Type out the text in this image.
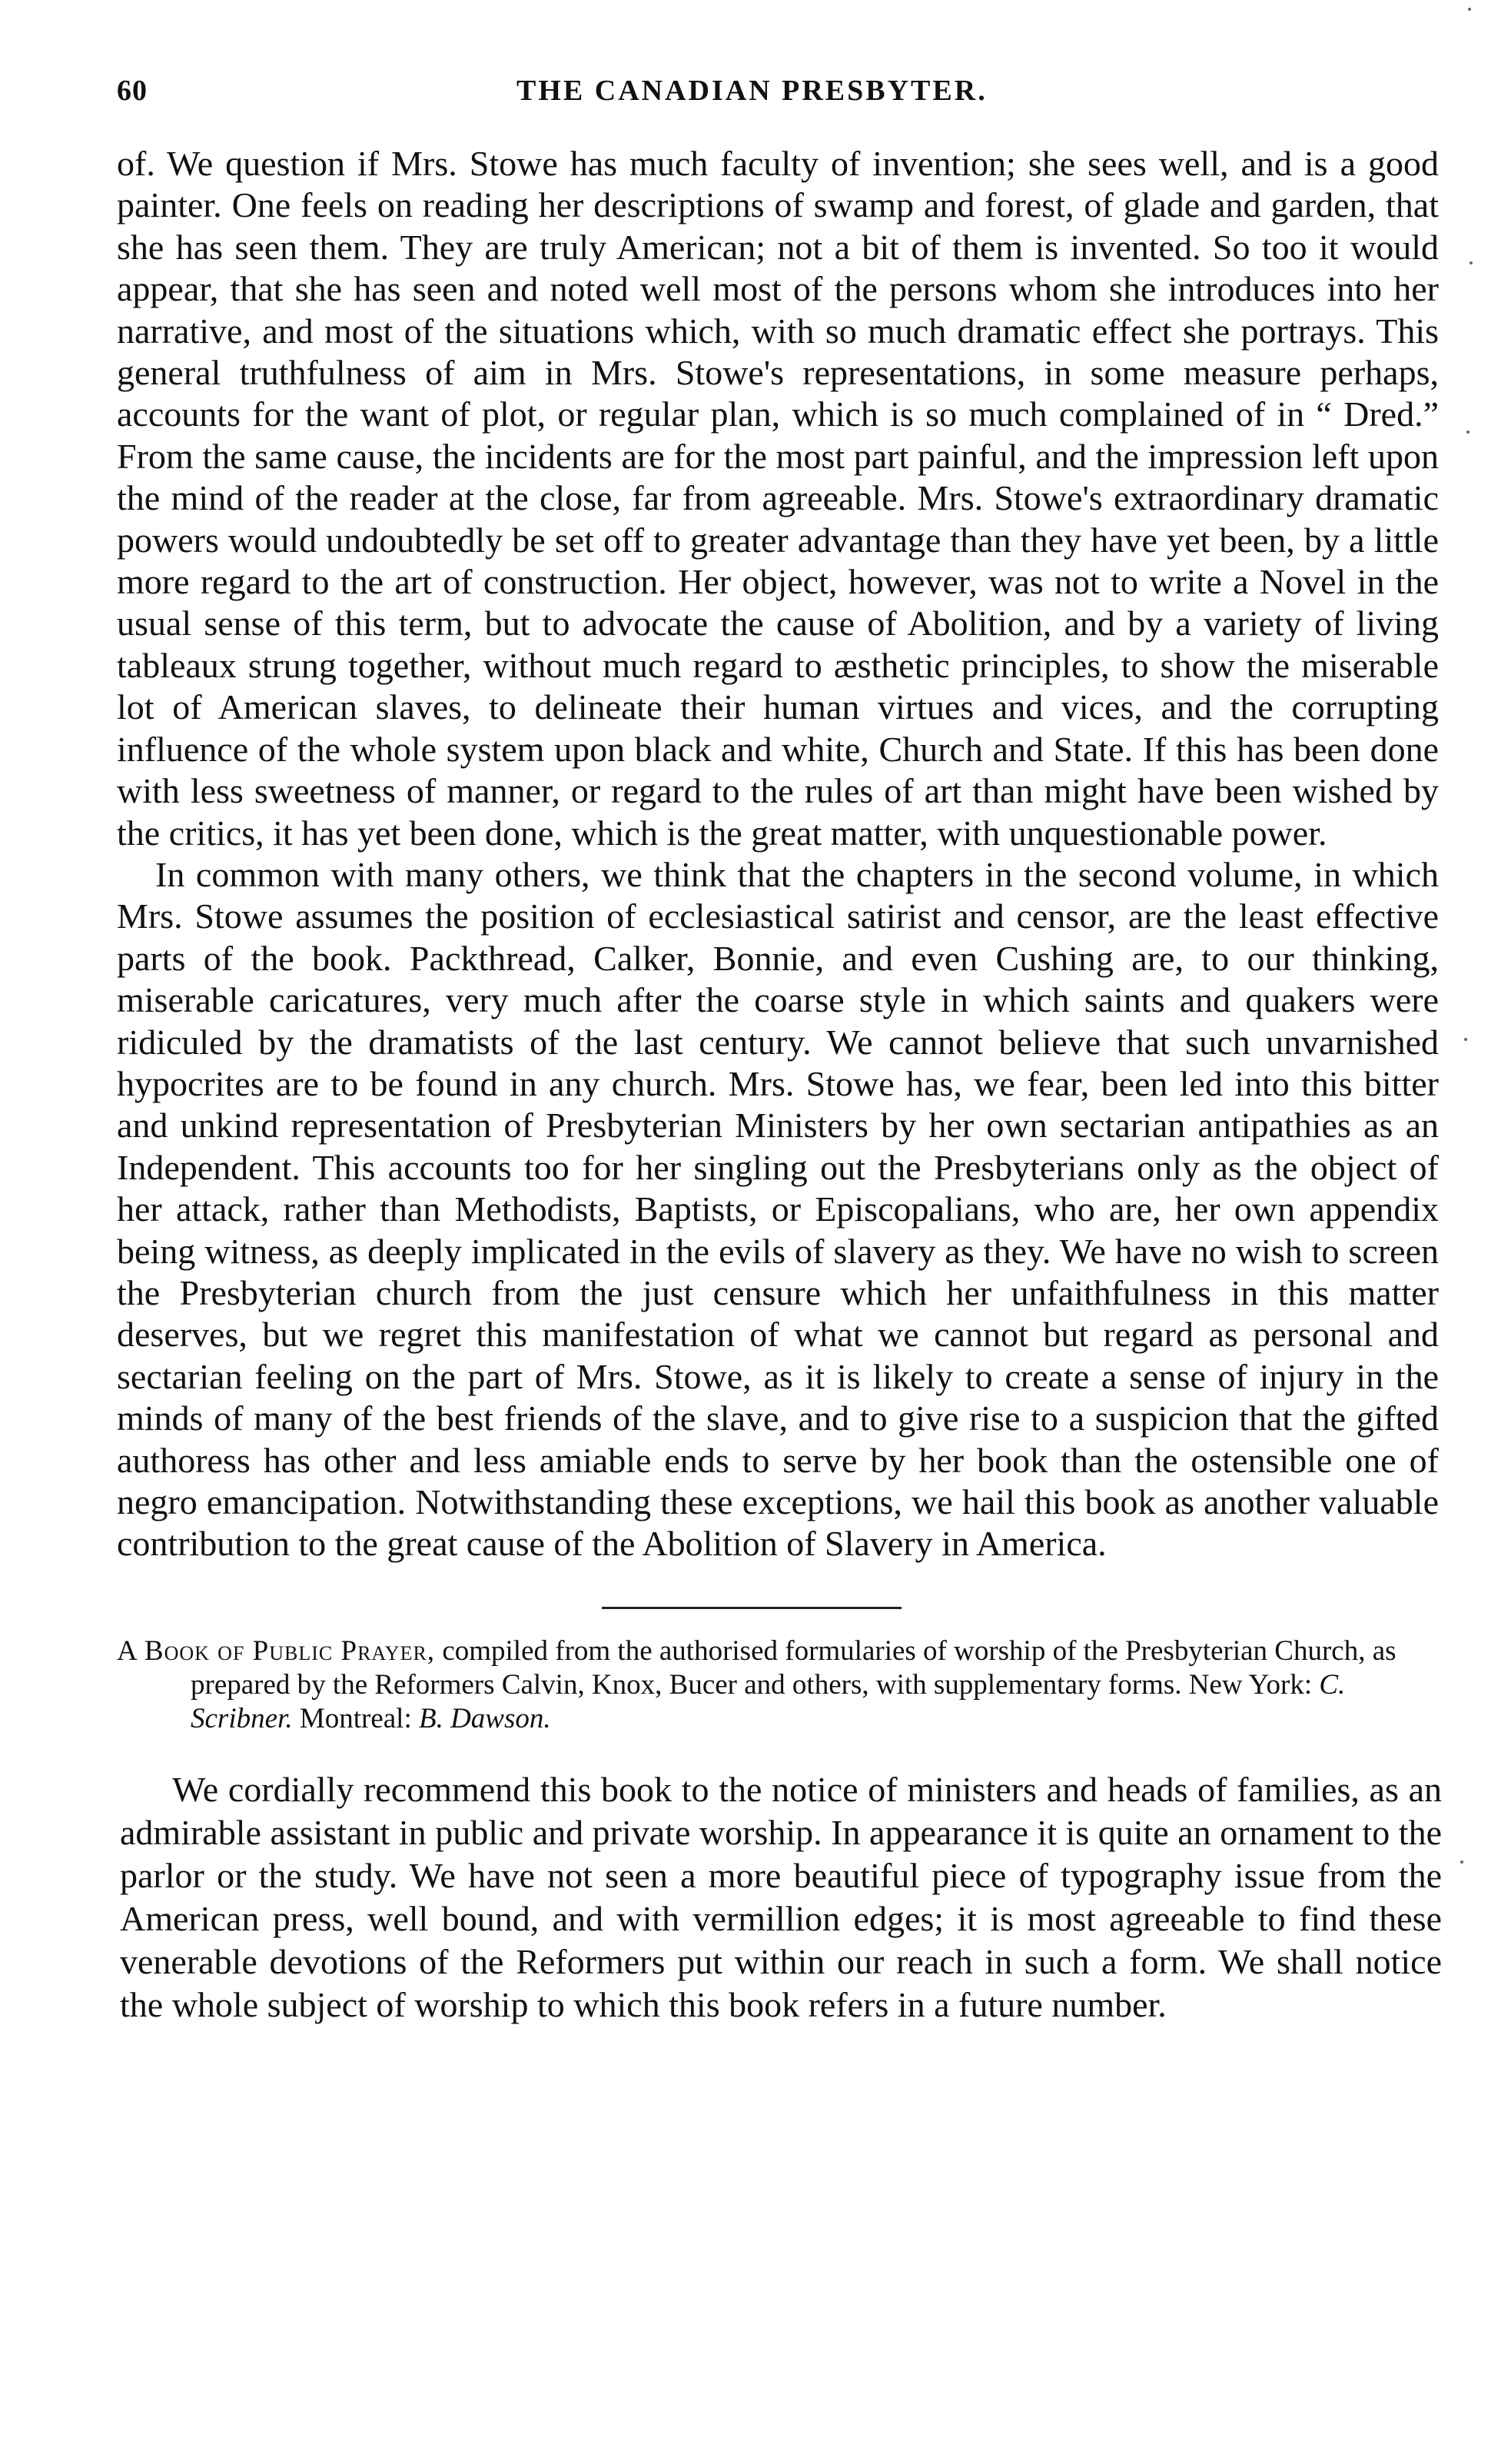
60	THE CANADIAN PRESBYTER.

of. We question if Mrs. Stowe has much faculty of invention; she sees well, and is a good painter. One feels on reading her descriptions of swamp and forest, of glade and garden, that she has seen them. They are truly American; not a bit of them is invented. So too it would appear, that she has seen and noted well most of the persons whom she introduces into her narrative, and most of the situations which, with so much dramatic effect she portrays. This general truthfulness of aim in Mrs. Stowe's representations, in some measure perhaps, accounts for the want of plot, or regular plan, which is so much complained of in “ Dred.” From the same cause, the incidents are for the most part painful, and the impression left upon the mind of the reader at the close, far from agreeable. Mrs. Stowe's extraordinary dramatic powers would undoubtedly be set off to greater advantage than they have yet been, by a little more regard to the art of construction. Her object, however, was not to write a Novel in the usual sense of this term, but to advocate the cause of Abolition, and by a variety of living tableaux strung together, without much regard to æsthetic principles, to show the miserable lot of American slaves, to delineate their human virtues and vices, and the corrupting influence of the whole system upon black and white, Church and State. If this has been done with less sweetness of manner, or regard to the rules of art than might have been wished by the critics, it has yet been done, which is the great matter, with unquestionable power.

In common with many others, we think that the chapters in the second volume, in which Mrs. Stowe assumes the position of ecclesiastical satirist and censor, are the least effective parts of the book. Packthread, Calker, Bonnie, and even Cushing are, to our thinking, miserable caricatures, very much after the coarse style in which saints and quakers were ridiculed by the dramatists of the last century. We cannot believe that such unvarnished hypocrites are to be found in any church. Mrs. Stowe has, we fear, been led into this bitter and unkind representation of Presbyterian Ministers by her own sectarian antipathies as an Independent. This accounts too for her singling out the Presbyterians only as the object of her attack, rather than Methodists, Baptists, or Episcopalians, who are, her own appendix being witness, as deeply implicated in the evils of slavery as they. We have no wish to screen the Presbyterian church from the just censure which her unfaithfulness in this matter deserves, but we regret this manifestation of what we cannot but regard as personal and sectarian feeling on the part of Mrs. Stowe, as it is likely to create a sense of injury in the minds of many of the best friends of the slave, and to give rise to a suspicion that the gifted authoress has other and less amiable ends to serve by her book than the ostensible one of negro emancipation. Notwithstanding these exceptions, we hail this book as another valuable contribution to the great cause of the Abolition of Slavery in America.

A Book of Public Prayer, compiled from the authorised formularies of worship of the Presbyterian Church, as prepared by the Reformers Calvin, Knox, Bucer and others, with supplementary forms. New York: C. Scribner. Montreal: B. Dawson.
We cordially recommend this book to the notice of ministers and heads of families, as an admirable assistant in public and private worship. In appearance it is quite an ornament to the parlor or the study. We have not seen a more beautiful piece of typography issue from the American press, well bound, and with vermillion edges; it is most agreeable to find these venerable devotions of the Reformers put within our reach in such a form. We shall notice the whole subject of worship to which this book refers in a future number.
